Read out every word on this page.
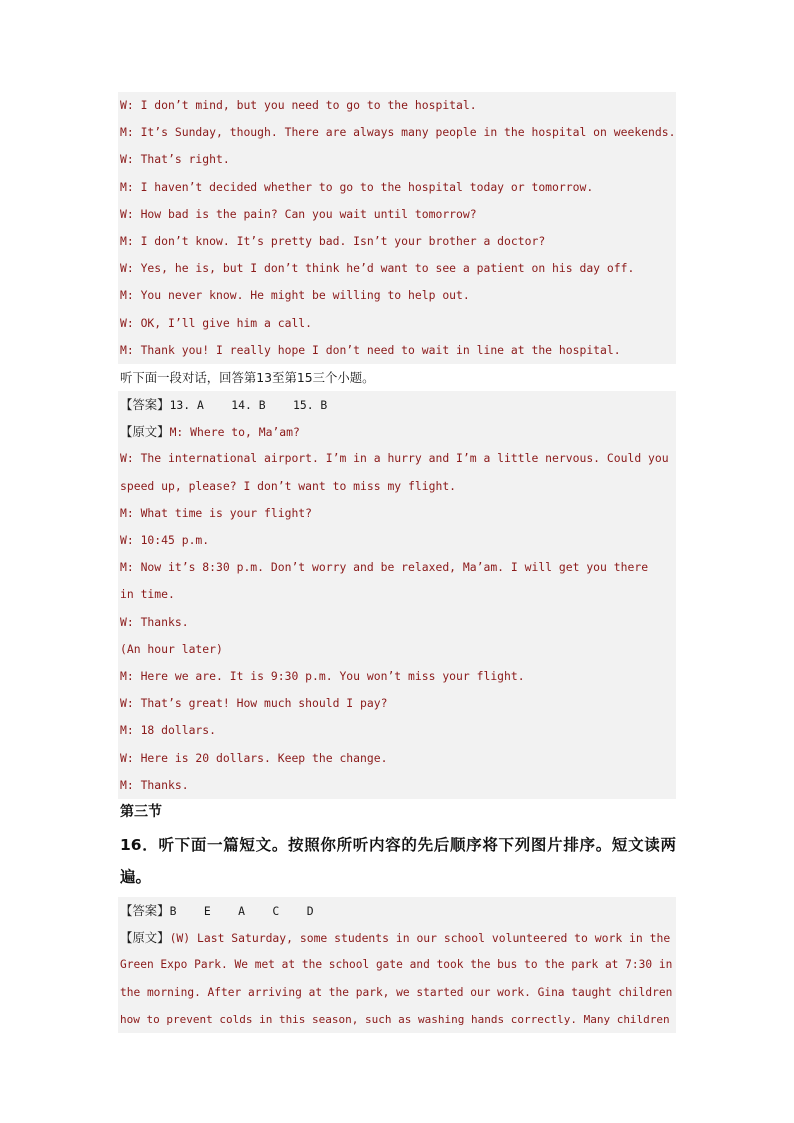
W: I don’t mind, but you need to go to the hospital.
M: It’s Sunday, though. There are always many people in the hospital on weekends.
W: That’s right.
M: I haven’t decided whether to go to the hospital today or tomorrow.
W: How bad is the pain? Can you wait until tomorrow?
M: I don’t know. It’s pretty bad. Isn’t your brother a doctor?
W: Yes, he is, but I don’t think he’d want to see a patient on his day off.
M: You never know. He might be willing to help out.
W: OK, I’ll give him a call.
M: Thank you! I really hope I don’t need to wait in line at the hospital.
听下面一段对话，回答第13至第15三个小题。
【答案】13. A    14. B    15. B
【原文】M: Where to, Ma’am?
W: The international airport. I’m in a hurry and I’m a little nervous. Could you
speed up, please? I don’t want to miss my flight.
M: What time is your flight?
W: 10:45 p.m.
M: Now it’s 8:30 p.m. Don’t worry and be relaxed, Ma’am. I will get you there
in time.
W: Thanks.
(An hour later)
M: Here we are. It is 9:30 p.m. You won’t miss your flight.
W: That’s great! How much should I pay?
M: 18 dollars.
W: Here is 20 dollars. Keep the change.
M: Thanks.
第三节
16．听下面一篇短文。按照你所听内容的先后顺序将下列图片排序。短文读两遍。
【答案】B    E    A    C    D
【原文】(W) Last Saturday, some students in our school volunteered to work in the
Green Expo Park. We met at the school gate and took the bus to the park at 7:30 in
the morning. After arriving at the park, we started our work. Gina taught children
how to prevent colds in this season, such as washing hands correctly. Many children
